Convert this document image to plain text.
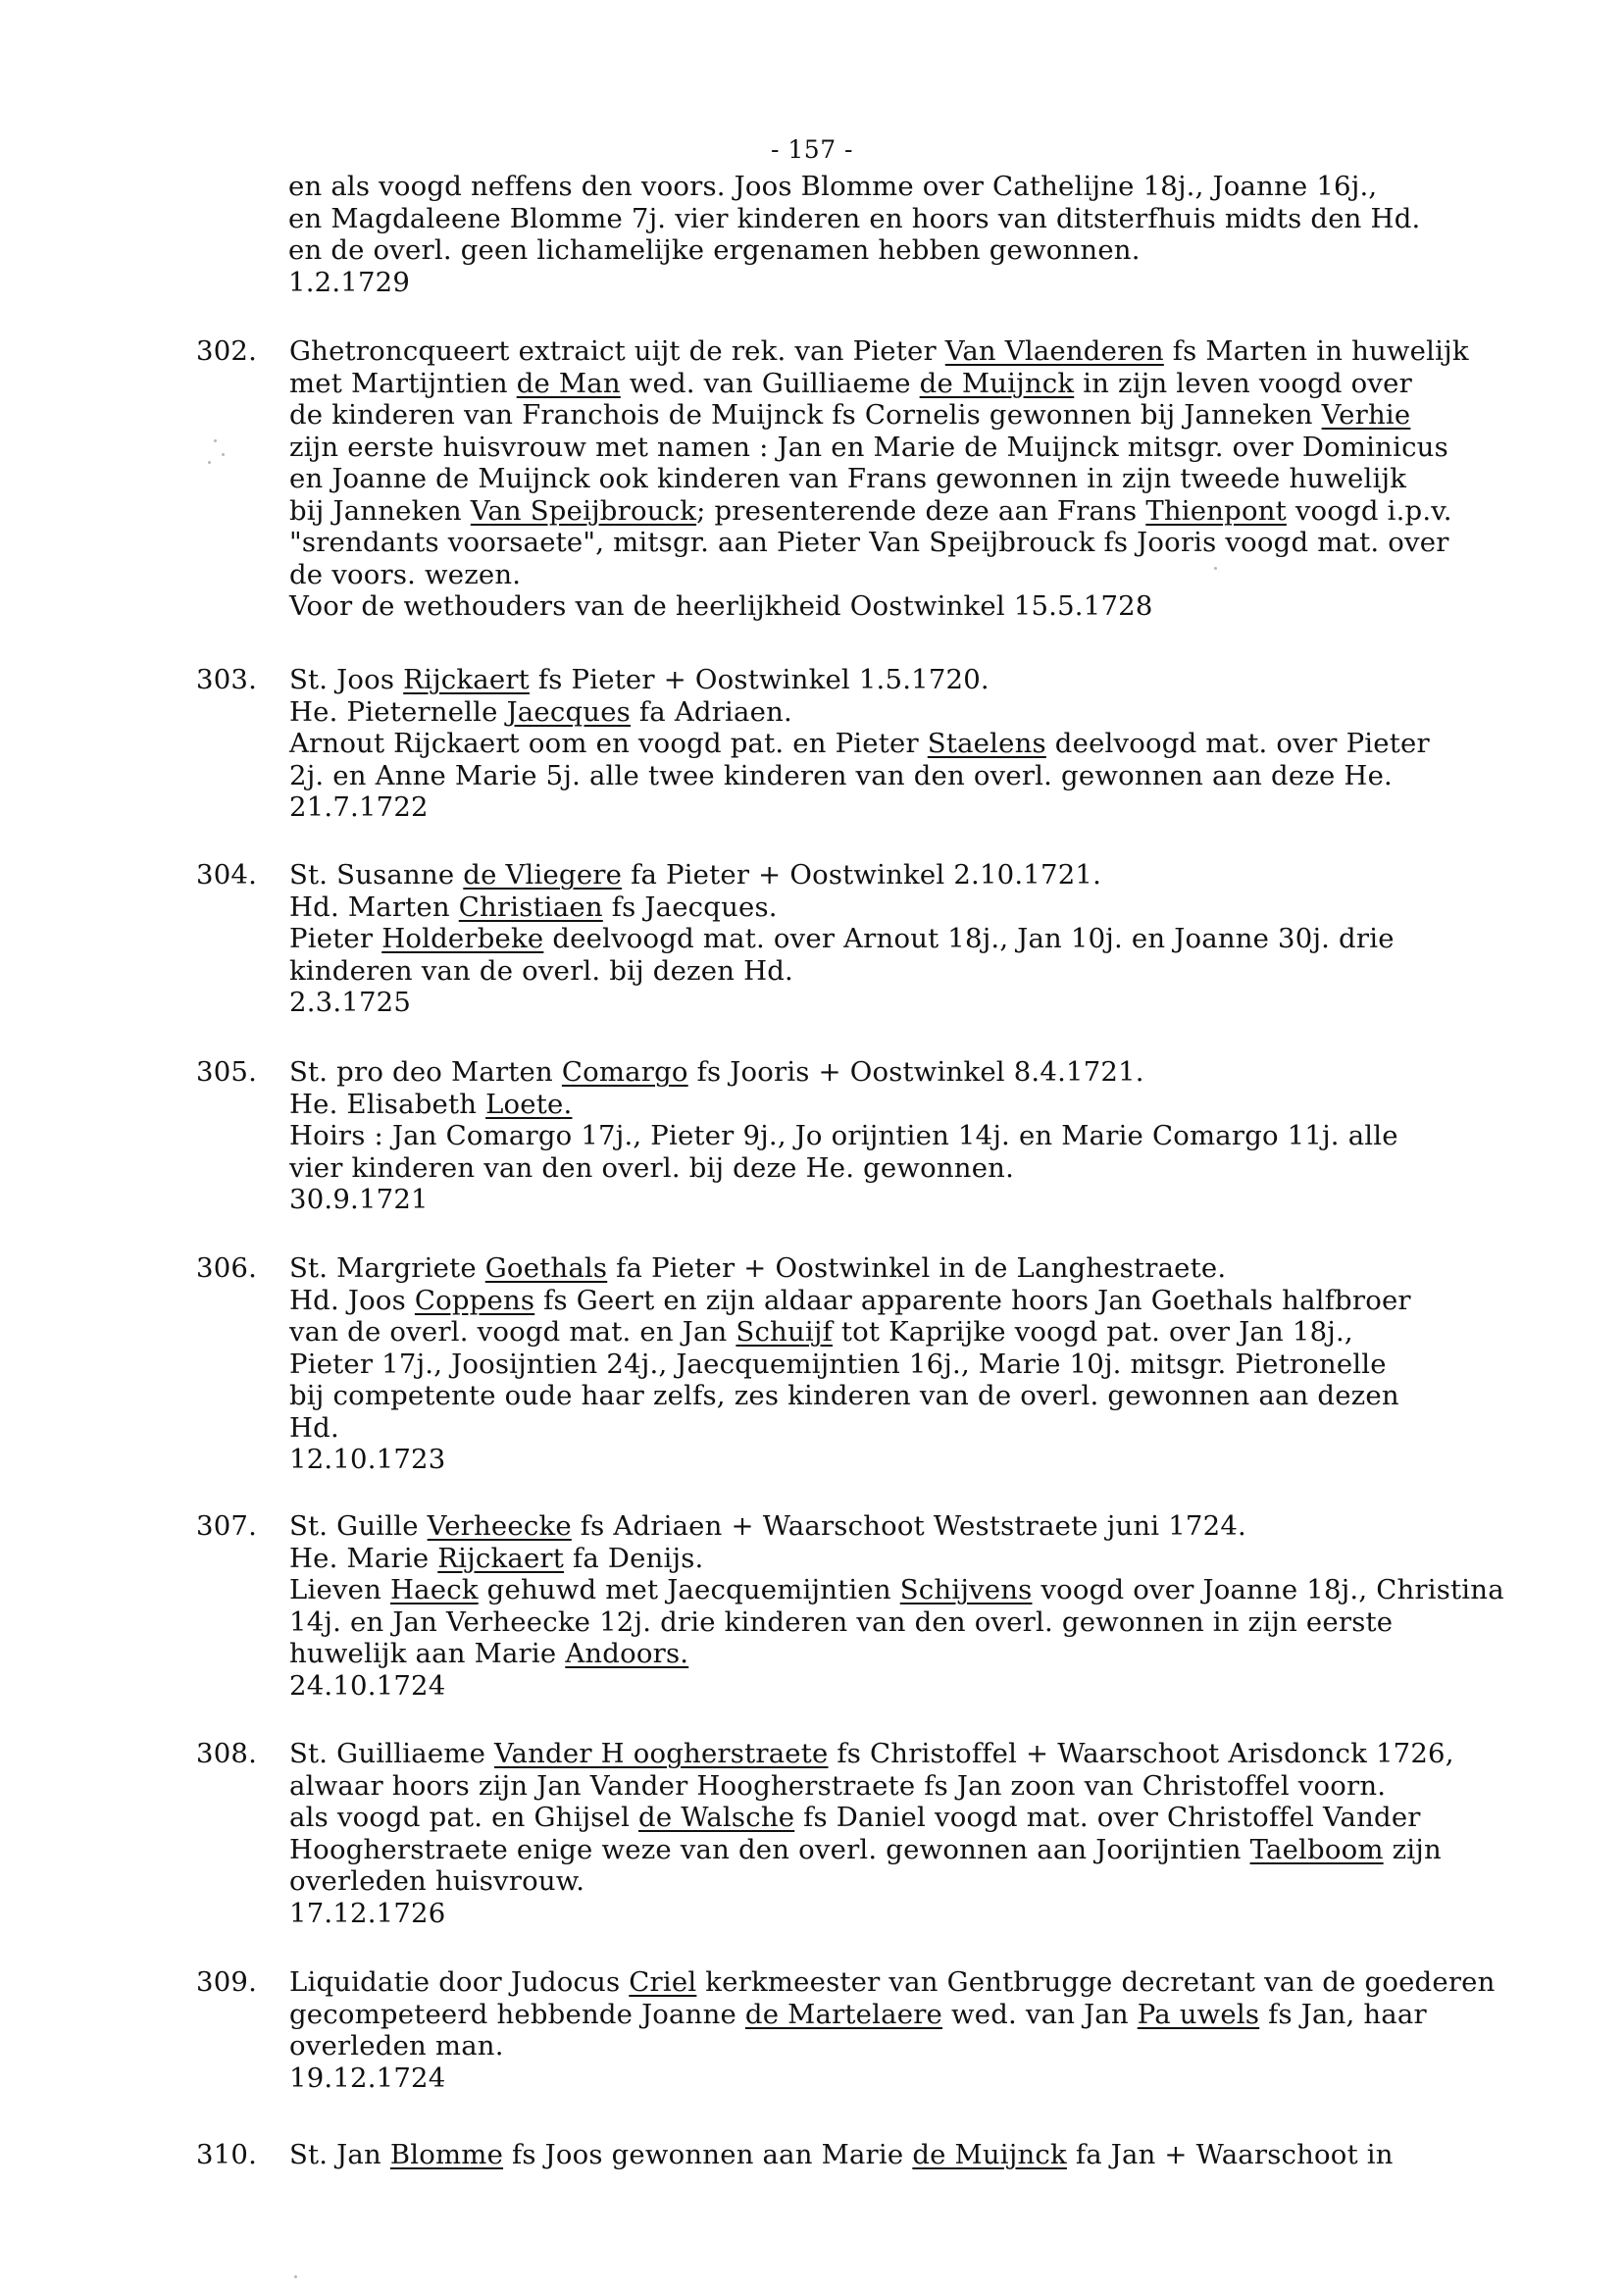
- 157 -

en als voogd neffens den voors. Joos Blomme over Cathelijne 18j., Joanne 16j.,

en Magdaleene Blomme 7j. vier kinderen en hoors van ditsterfhuis midts den Hd.

en de overl. geen lichamelijke ergenamen hebben gewonnen.

1.2.1729

302. Ghetroncqueert extraict uijt de rek. van Pieter Van Vlaenderen fs Marten in huwelijk

met Martijntien de Man wed. van Guilliaeme de Muijnck in zijn leven voogd over

de kinderen van Franchois de Muijnck fs Cornelis gewonnen bij Janneken Verhie

zijn eerste huisvrouw met namen : Jan en Marie de Muijnck mitsgr. over Dominicus

en Joanne de Muijnck ook kinderen van Frans gewonnen in zijn tweede huwelijk

bij Janneken Van Speijbrouck; presenterende deze aan Frans Thienpont voogd i.p.v.

"srendants voorsaete", mitsgr. aan Pieter Van Speijbrouck fs Jooris voogd mat. over

de voors. wezen.

Voor de wethouders van de heerlijkheid Oostwinkel 15.5.1728

303. St. Joos Rijckaert fs Pieter + Oostwinkel 1.5.1720.

He. Pieternelle Jaecques fa Adriaen.

Arnout Rijckaert oom en voogd pat. en Pieter Staelens deelvoogd mat. over Pieter

2j. en Anne Marie 5j. alle twee kinderen van den overl. gewonnen aan deze He.

21.7.1722

304. St. Susanne de Vliegere fa Pieter + Oostwinkel 2.10.1721.

Hd. Marten Christiaen fs Jaecques.

Pieter Holderbeke deelvoogd mat. over Arnout 18j., Jan 10j. en Joanne 30j. drie

kinderen van de overl. bij dezen Hd.

2.3.1725

305. St. pro deo Marten Comargo fs Jooris + Oostwinkel 8.4.1721.

He. Elisabeth Loete.

Hoirs : Jan Comargo 17j., Pieter 9j., Jo orijntien 14j. en Marie Comargo 11j. alle

vier kinderen van den overl. bij deze He. gewonnen.

30.9.1721

306. St. Margriete Goethals fa Pieter + Oostwinkel in de Langhestraete.

Hd. Joos Coppens fs Geert en zijn aldaar apparente hoors Jan Goethals halfbroer

van de overl. voogd mat. en Jan Schuijf tot Kaprijke voogd pat. over Jan 18j.,

Pieter 17j., Joosijntien 24j., Jaecquemijntien 16j., Marie 10j. mitsgr. Pietronelle

bij competente oude haar zelfs, zes kinderen van de overl. gewonnen aan dezen

Hd.

12.10.1723

307. St. Guille Verheecke fs Adriaen + Waarschoot Weststraete juni 1724.

He. Marie Rijckaert fa Denijs.

Lieven Haeck gehuwd met Jaecquemijntien Schijvens voogd over Joanne 18j., Christina

14j. en Jan Verheecke 12j. drie kinderen van den overl. gewonnen in zijn eerste

huwelijk aan Marie Andoors.

24.10.1724

308. St. Guilliaeme Vander H oogherstraete fs Christoffel + Waarschoot Arisdonck 1726,

alwaar hoors zijn Jan Vander Hoogherstraete fs Jan zoon van Christoffel voorn.

als voogd pat. en Ghijsel de Walsche fs Daniel voogd mat. over Christoffel Vander

Hoogherstraete enige weze van den overl. gewonnen aan Joorijntien Taelboom zijn

overleden huisvrouw.

17.12.1726

309. Liquidatie door Judocus Criel kerkmeester van Gentbrugge decretant van de goederen

gecompeteerd hebbende Joanne de Martelaere wed. van Jan Pa uwels fs Jan, haar

overleden man.

19.12.1724

310. St. Jan Blomme fs Joos gewonnen aan Marie de Muijnck fa Jan + Waarschoot in
